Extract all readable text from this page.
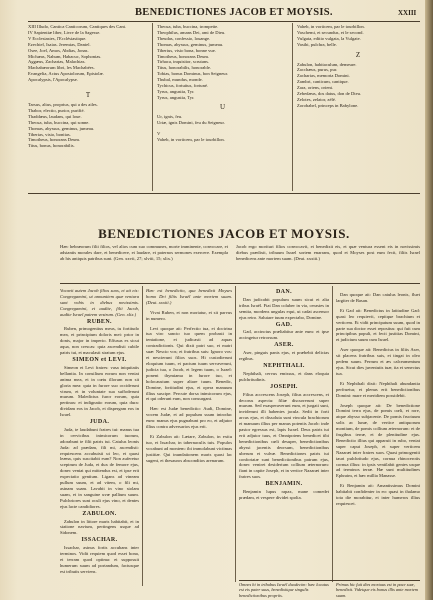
BENEDICTIONES JACOB ET MOYSIS.	XXIII

XIII Illudo, Cantica Canticorum, Cantiques des Cant.

IV Sapientiæ liber, Livre de la Sagesse.

V Ecclesiastes, l'Ecclésiastique.

Ezechiel, Isaias. Jeremias, Daniel.

Osee, Joel, Amos, Abdias, Jonas.

Michæas, Nahum, Habacuc, Sophonias.

Aggæus, Zacharias, Malachias.

Machabæorum libri, les Machabées.

Evangelia, Actus Apostolorum, Epistolæ.

Apocalypsis, l'Apocalypse.

T

Tarsus, altus, proprius, qui a des ailes.

Thabor, electio, purior, purifié.

Thaddæus, laudans, qui loue.

Thecua, tuba, buccina, qui sonne.

Thomas, abyssus, geminus, jumeau.

Tiberias, visio, bonitas.

Timotheus, honorans Deum.

Titus, bonus, honorabilis.

Thecua, tuba, buccina, trompette.

Theophilus, amans Dei, ami de Dieu.

Theudas, confessio, louange.

Thomas, abyssus, geminus, jumeau.

Tiberius, visio bona, bonne vue.

Timotheus, honorans Deum.

Tirhaca, inquisitor, scrutans.

Titus, honorabilis, honorable.

Tobias, bonus Dominus, bon Seigneur.

Thubal, mundus, monde.

Tychicus, fortuitus, fortuné.

Tyrus, angustia, Tyr.

Tyrus, angustia, Tyr.

U

Ur, ignis, feu.

Uriæ, ignis Domini, feu du Seigneur.

V

Vaheb, in vorticem, par le tourbillon.

Vaheb, in vorticem, par le tourbillon.

Vaschemi, et secundus, et le second.

Vulgata, editio vulgata, la Vulgate.

Vasthi, pulchra, belle.

Z

Zabulon, habitaculum, demeure.

Zacchæus, purus, pur.

Zacharias, memoria Domini.

Zambri, canticum, cantique.

Zara, oriens, orient.

Zebedæus, dos datus, don de Dieu.

Zelotes, zelator, zélé.

Zorobabel, princeps in Babylone.

BENEDICTIONES JACOB ET MOYSIS.
Hæc hebræorum filii filios, vel alios cum suo communes, morte imminente, convocare, et adstantis morales dare, et benedicere, et laudare, et paternos sermones exercere. Exempla ab his antiquis patribus sunt. (Gen. xxvii, 27; xlviii, 15; xlix.)
Jacob ergo morituri filios convocavit, et benedixit eis, et quæ ventura essent eis in novissimis diebus prædixit, tribuum Israel sortem enarrans, quod et Moyses post eum fecit, filiis Israel benedicens ante mortem suam. (Deut. xxxiii.)

Vocavit autem Jacob filios suos, et ait eis: Congregamini, ut annuntiem quæ ventura sunt vobis in diebus novissimis. Congregamini, et audite, filii Jacob, audite Israel patrem vestrum. (Gen. xlix.)

RUBEN.

Ruben, primogenitus meus, tu fortitudo mea, et principium doloris mei: prior in donis, major in imperio. Effusus es sicut aqua, non crescas: quia ascendisti cubile patris tui, et maculasti stratum ejus.

SIMEON et LEVI.

Simeon et Levi fratres: vasa iniquitatis bellantia. In consilium eorum non veniat anima mea, et in cœtu illorum non sit gloria mea: quia in furore suo occiderunt virum, et in voluntate sua suffoderunt murum. Maledictus furor eorum, quia pertinax: et indignatio eorum, quia dura: dividam eos in Jacob, et dispergam eos in Israel.

JUDA.

Juda, te laudabunt fratres tui: manus tua in cervicibus inimicorum tuorum, adorabunt te filii patris tui. Catulus leonis Juda: ad prædam, fili mi, ascendisti: requiescens accubuisti ut leo, et quasi leæna, quis suscitabit eum? Non auferetur sceptrum de Juda, et dux de femore ejus, donec veniat qui mittendus est, et ipse erit expectatio gentium. Ligans ad vineam pullum suum, et ad vitem, o fili mi, asinam suam. Lavabit in vino stolam suam, et in sanguine uvæ pallium suum. Pulchriores sunt oculi ejus vino, et dentes ejus lacte candidiores.

ZABULON.

Zabulon in littore maris habitabit, et in statione navium, pertingens usque ad Sidonem.

ISSACHAR.

Issachar, asinus fortis accubans inter terminos. Vidit requiem quod esset bona, et terram quod optima: et supposuit humerum suum ad portandum, factusque est tributis serviens.

Hæc est benedictio, qua benedixit Moyses homo Dei filiis Israël ante mortem suam. (Deut. xxxiii.)

Vivat Ruben, et non moriatur, et sit parvus in numero.

Levi quoque ait: Perfectio tua, et doctrina tua viro sancto tuo quem probasti in tentatione, et judicasti ad aquas contradictionis. Qui dixit patri suo, et matri suæ: Nescio vos; et fratribus suis: Ignoro vos: et nescierunt filios suos. Hi custodierunt eloquium tuum, et pactum tuum servaverunt, judicia tua, o Jacob, et legem tuam, o Israel: ponent thymiama in furore tuo, et holocaustum super altare tuum. Benedic, Domine, fortitudini ejus, et opera manuum illius suscipe. Percute dorsa inimicorum ejus, et qui oderunt eum, non consurgant.

Hæc est Judæ benedictio: Audi, Domine, vocem Judæ, et ad populum suum introduc eum: manus ejus pugnabunt pro eo, et adjutor illius contra adversarios ejus erit.

Et Zabulon ait: Lætare, Zabulon, in exitu tuo, et Issachar, in tabernaculis tuis. Populos vocabunt ad montem: ibi immolabunt victimas justitiæ. Qui inundationem maris quasi lac sugent, et thesauros absconditos arenarum.

DAN.

Dan judicabit populum suum sicut et alia tribus Israël. Fiat Dan coluber in via, cerastes in semita, mordens ungulas equi, ut cadat ascensor ejus retro. Salutare tuum expectabo, Domine.

GAD.

Gad, accinctus præliabitur ante eum: et ipse accingetur retrorsum.

ASER.

Aser, pinguis panis ejus, et præbebit delicias regibus.

NEPHTHALI.

Nephthali, cervus emissus, et dans eloquia pulchritudinis.

JOSEPH.

Filius accrescens Joseph, filius accrescens, et decorus aspectu: filiæ discurrerunt super murum. Sed exasperaverunt eum, et jurgati sunt, inviderunt illi habentes jacula. Sedit in forti arcus ejus, et dissoluta sunt vincula brachiorum et manuum illius per manus potentis Jacob: inde pastor egressus est, lapis Israel. Deus patris tui erit adjutor tuus, et Omnipotens benedicet tibi benedictionibus cœli desuper, benedictionibus abyssi jacentis deorsum, benedictionibus uberum et vulvæ. Benedictiones patris tui confortatæ sunt benedictionibus patrum ejus, donec veniret desiderium collium æternorum: fiant in capite Joseph, et in vertice Nazaræi inter fratres suos.

BENJAMIN.

Benjamin lupus rapax, mane comedet prædam, et vespere dividet spolia.

Dan quoque ait: Dan catulus leonis, fluet largiter de Basan.

Et Gad ait: Benedictus in latitudine Gad: quasi leo requievit, cepitque brachium et verticem. Et vidit principatum suum, quod in parte sua doctor esset repositus: qui fuit cum principibus populi, et fecit justitias Domini, et judicium suum cum Israel.

Aser quoque ait: Benedictus in filiis Aser, sit placens fratribus suis, et tingat in oleo pedem suum. Ferrum et æs calceamentum ejus. Sicut dies juventutis tuæ, ita et senectus tua.

Et Nephthali dixit: Nephthali abundantia perfruetur, et plenus erit benedictionibus Domini: mare et meridiem possidebit.

Joseph quoque ait: De benedictione Domini terra ejus, de pomis cœli, et rore, atque abysso subjacente. De pomis fructuum solis ac lunæ, de vertice antiquorum montium, de pomis collium æternorum: et de frugibus terræ, et de plenitudine ejus. Benedictio illius qui apparuit in rubo, veniat super caput Joseph, et super verticem Nazaræi inter fratres suos. Quasi primogeniti tauri pulchritudo ejus, cornua rhinocerotis cornua illius: in ipsis ventilabit gentes usque ad terminos terræ. Hæ sunt multitudines Ephraim, et hæc millia Manasse.

Et Benjamin ait: Amantissimus Domini habitabit confidenter in eo: quasi in thalamo tota die morabitur, et inter humeros illius requiescet.

Omnes hi in tribubus Israël duodecim: hæc locutus est eis pater suus, benedixitque singulis benedictionibus propriis.
Primus hic fuit dies mortuus est in pace suæ, benedixit. Videtque eis bonus illis ante mortem suam.
